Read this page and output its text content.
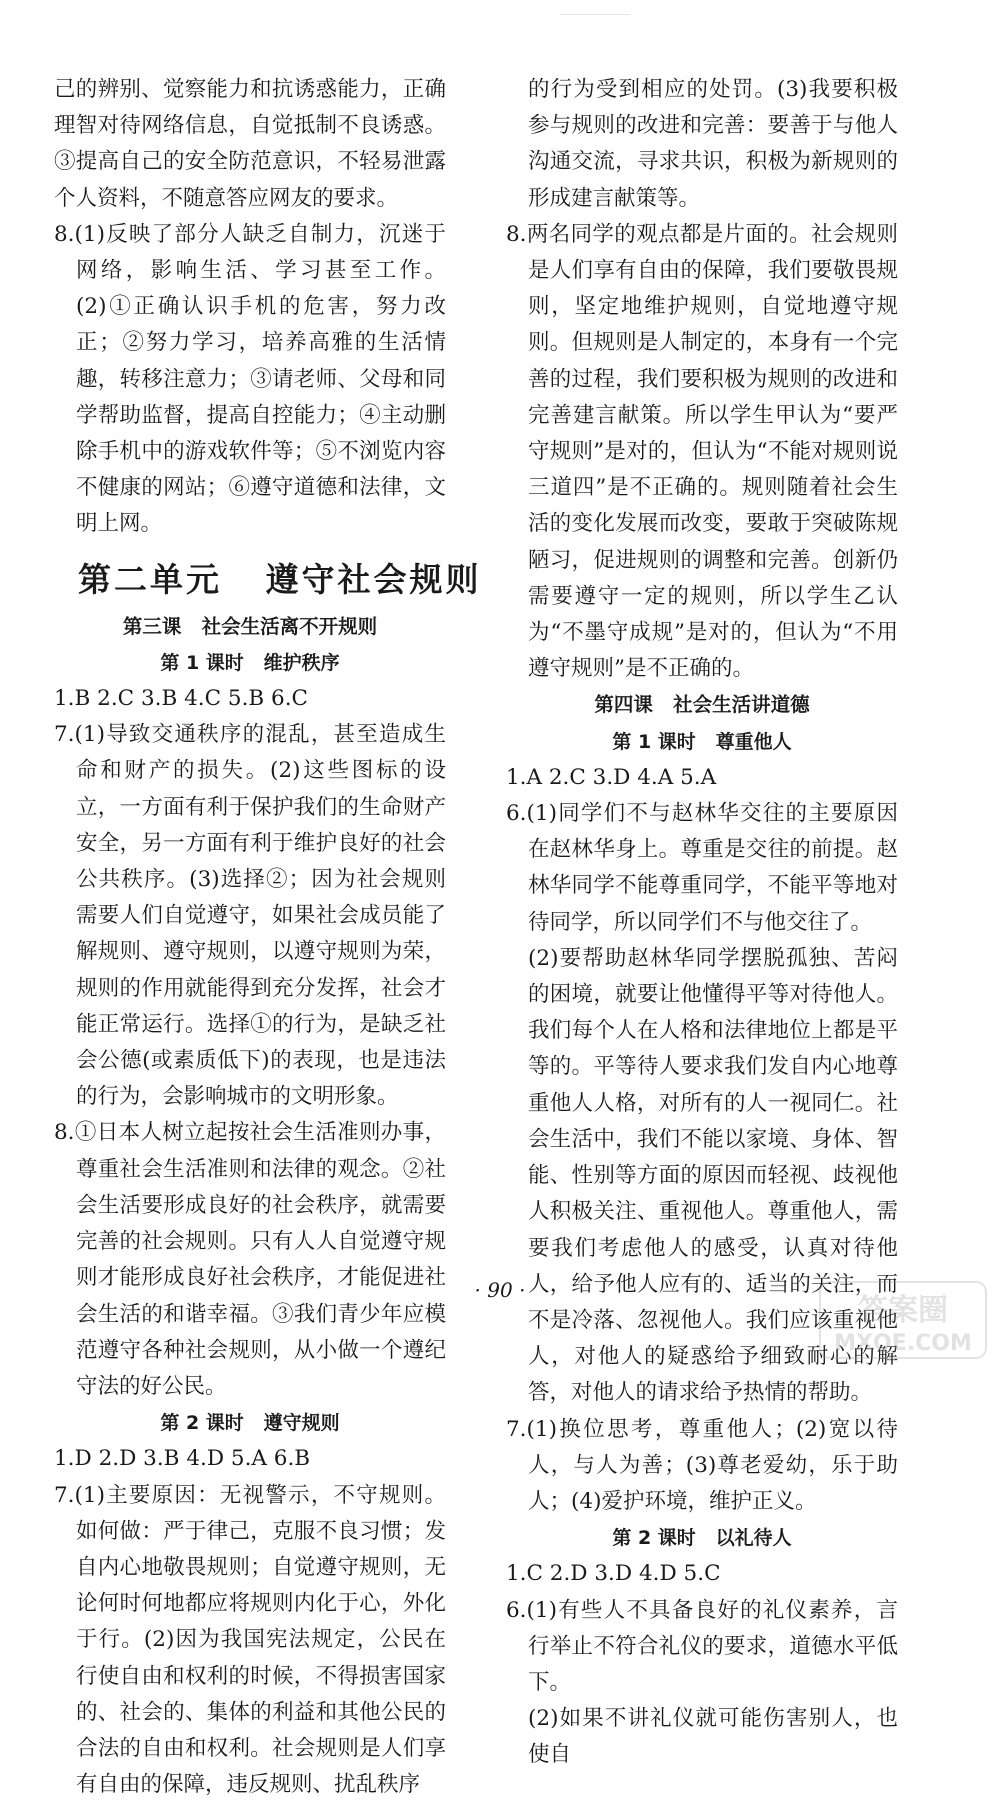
己的辨别、觉察能力和抗诱惑能力，正确理智对待网络信息，自觉抵制不良诱惑。③提高自己的安全防范意识，不轻易泄露个人资料，不随意答应网友的要求。

8.(1)反映了部分人缺乏自制力，沉迷于网络，影响生活、学习甚至工作。(2)①正确认识手机的危害，努力改正；②努力学习，培养高雅的生活情趣，转移注意力；③请老师、父母和同学帮助监督，提高自控能力；④主动删除手机中的游戏软件等；⑤不浏览内容不健康的网站；⑥遵守道德和法律，文明上网。

第二单元   遵守社会规则
第三课   社会生活离不开规则
第 1 课时   维护秩序

1.B 2.C 3.B 4.C 5.B 6.C

7.(1)导致交通秩序的混乱，甚至造成生命和财产的损失。(2)这些图标的设立，一方面有利于保护我们的生命财产安全，另一方面有利于维护良好的社会公共秩序。(3)选择②；因为社会规则需要人们自觉遵守，如果社会成员能了解规则、遵守规则，以遵守规则为荣，规则的作用就能得到充分发挥，社会才能正常运行。选择①的行为，是缺乏社会公德(或素质低下)的表现，也是违法的行为，会影响城市的文明形象。

8.①日本人树立起按社会生活准则办事，尊重社会生活准则和法律的观念。②社会生活要形成良好的社会秩序，就需要完善的社会规则。只有人人自觉遵守规则才能形成良好社会秩序，才能促进社会生活的和谐幸福。③我们青少年应模范遵守各种社会规则，从小做一个遵纪守法的好公民。

第 2 课时   遵守规则

1.D 2.D 3.B 4.D 5.A 6.B

7.(1)主要原因：无视警示，不守规则。如何做：严于律己，克服不良习惯；发自内心地敬畏规则；自觉遵守规则，无论何时何地都应将规则内化于心，外化于行。(2)因为我国宪法规定，公民在行使自由和权利的时候，不得损害国家的、社会的、集体的利益和其他公民的合法的自由和权利。社会规则是人们享有自由的保障，违反规则、扰乱秩序

的行为受到相应的处罚。(3)我要积极参与规则的改进和完善：要善于与他人沟通交流，寻求共识，积极为新规则的形成建言献策等。

8.两名同学的观点都是片面的。社会规则是人们享有自由的保障，我们要敬畏规则，坚定地维护规则，自觉地遵守规则。但规则是人制定的，本身有一个完善的过程，我们要积极为规则的改进和完善建言献策。所以学生甲认为“要严守规则”是对的，但认为“不能对规则说三道四”是不正确的。规则随着社会生活的变化发展而改变，要敢于突破陈规陋习，促进规则的调整和完善。创新仍需要遵守一定的规则，所以学生乙认为“不墨守成规”是对的，但认为“不用遵守规则”是不正确的。

第四课   社会生活讲道德
第 1 课时   尊重他人

1.A 2.C 3.D 4.A 5.A

6.(1)同学们不与赵林华交往的主要原因在赵林华身上。尊重是交往的前提。赵林华同学不能尊重同学，不能平等地对待同学，所以同学们不与他交往了。

(2)要帮助赵林华同学摆脱孤独、苦闷的困境，就要让他懂得平等对待他人。我们每个人在人格和法律地位上都是平等的。平等待人要求我们发自内心地尊重他人人格，对所有的人一视同仁。社会生活中，我们不能以家境、身体、智能、性别等方面的原因而轻视、歧视他人积极关注、重视他人。尊重他人，需要我们考虑他人的感受，认真对待他人，给予他人应有的、适当的关注，而不是冷落、忽视他人。我们应该重视他人，对他人的疑惑给予细致耐心的解答，对他人的请求给予热情的帮助。

7.(1)换位思考，尊重他人；(2)宽以待人，与人为善；(3)尊老爱幼，乐于助人；(4)爱护环境，维护正义。

第 2 课时   以礼待人

1.C 2.D 3.D 4.D 5.C

6.(1)有些人不具备良好的礼仪素养，言行举止不符合礼仪的要求，道德水平低下。

(2)如果不讲礼仪就可能伤害别人，也使自

· 90 ·
答案圈
MXQE.COM
